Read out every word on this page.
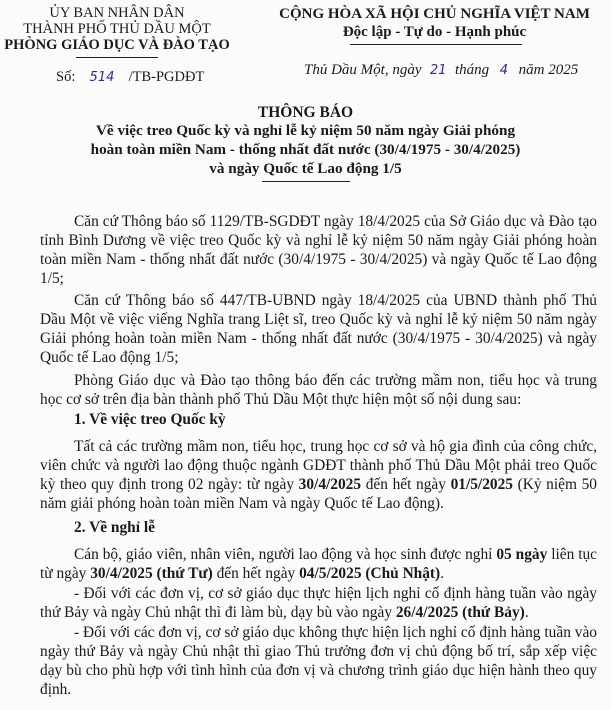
ỦY BAN NHÂN DÂN
THÀNH PHỐ THỦ DẦU MỘT
PHÒNG GIÁO DỤC VÀ ĐÀO TẠO
Số: 514 /TB-PGDĐT
CỘNG HÒA XÃ HỘI CHỦ NGHĨA VIỆT NAM
Độc lập - Tự do - Hạnh phúc
Thủ Dầu Một, ngày 21 tháng 4 năm 2025
THÔNG BÁO
Về việc treo Quốc kỳ và nghỉ lễ kỷ niệm 50 năm ngày Giải phóng
hoàn toàn miền Nam - thống nhất đất nước (30/4/1975 - 30/4/2025)
và ngày Quốc tế Lao động 1/5
Căn cứ Thông báo số 1129/TB-SGDĐT ngày 18/4/2025 của Sở Giáo dục và Đào tạo tỉnh Bình Dương về việc treo Quốc kỳ và nghỉ lễ kỷ niệm 50 năm ngày Giải phóng hoàn toàn miền Nam - thống nhất đất nước (30/4/1975 - 30/4/2025) và ngày Quốc tế Lao động 1/5;
Căn cứ Thông báo số 447/TB-UBND ngày 18/4/2025 của UBND thành phố Thủ Dầu Một về việc viếng Nghĩa trang Liệt sĩ, treo Quốc kỳ và nghỉ lễ kỷ niệm 50 năm ngày Giải phóng hoàn toàn miền Nam - thống nhất đất nước (30/4/1975 - 30/4/2025) và ngày Quốc tế Lao động 1/5;
Phòng Giáo dục và Đào tạo thông báo đến các trường mầm non, tiểu học và trung học cơ sở trên địa bàn thành phố Thủ Dầu Một thực hiện một số nội dung sau:
1. Về việc treo Quốc kỳ
Tất cả các trường mầm non, tiểu học, trung học cơ sở và hộ gia đình của công chức, viên chức và người lao động thuộc ngành GDĐT thành phố Thủ Dầu Một phải treo Quốc kỳ theo quy định trong 02 ngày: từ ngày 30/4/2025 đến hết ngày 01/5/2025 (Kỷ niệm 50 năm giải phóng hoàn toàn miền Nam và ngày Quốc tế Lao động).
2. Về nghỉ lễ
Cán bộ, giáo viên, nhân viên, người lao động và học sinh được nghỉ 05 ngày liên tục từ ngày 30/4/2025 (thứ Tư) đến hết ngày 04/5/2025 (Chủ Nhật).
- Đối với các đơn vị, cơ sở giáo dục thực hiện lịch nghỉ cố định hàng tuần vào ngày thứ Bảy và ngày Chủ nhật thì đi làm bù, dạy bù vào ngày 26/4/2025 (thứ Bảy).
- Đối với các đơn vị, cơ sở giáo dục không thực hiện lịch nghỉ cố định hàng tuần vào ngày thứ Bảy và ngày Chủ nhật thì giao Thủ trưởng đơn vị chủ động bố trí, sắp xếp việc dạy bù cho phù hợp với tình hình của đơn vị và chương trình giáo dục hiện hành theo quy định.
